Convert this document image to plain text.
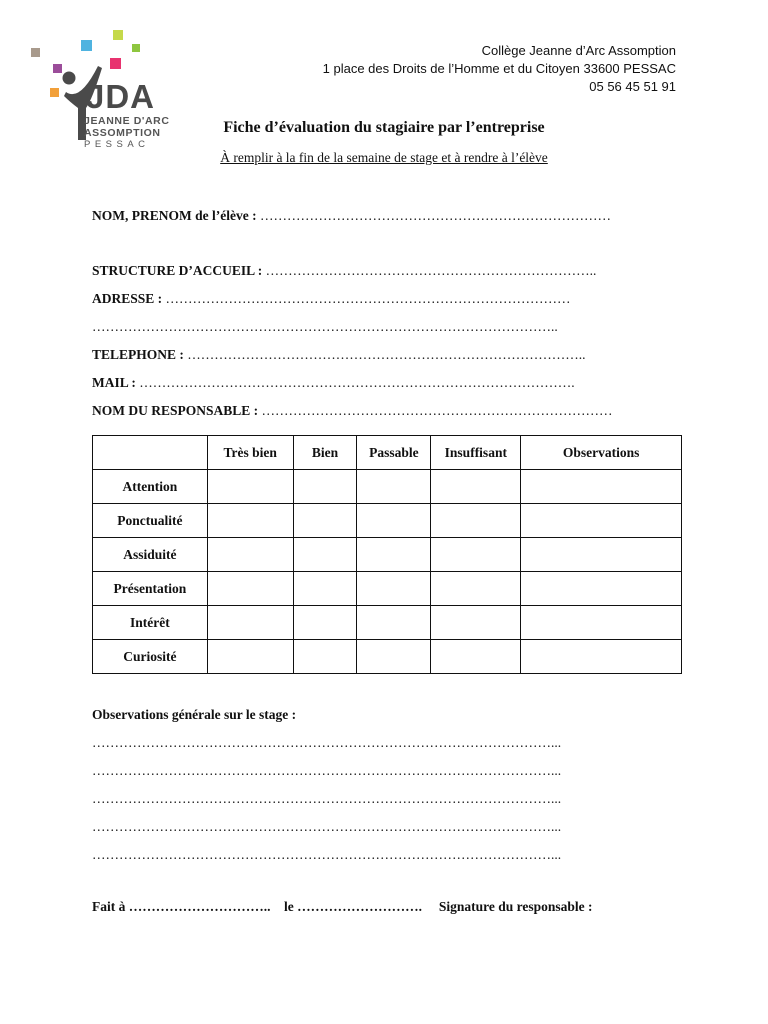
JDA
JEANNE D'ARC
ASSOMPTION
PESSAC
Collège Jeanne d’Arc Assomption
1 place des Droits de l’Homme et du Citoyen 33600 PESSAC
05 56 45 51 91
Fiche d’évaluation du stagiaire par l’entreprise
À remplir à la fin de la semaine de stage et à rendre à l’élève
NOM, PRENOM de l’élève : ……………………………………………………………………
STRUCTURE D’ACCUEIL : ………………………………………………………………..
ADRESSE : ………………………………………………………………………………
…………………………………………………………………………………………..
TELEPHONE : ……………………………………………………………………………..
MAIL : …………………………………………………………………………………….
NOM DU RESPONSABLE : ……………………………………………………………………
	Très bien	Bien	Passable	Insuffisant	Observations
Attention					
Ponctualité					
Assiduité					
Présentation					
Intérêt					
Curiosité					
Observations générale sur le stage :
…………………………………………………………………………………………...
…………………………………………………………………………………………...
…………………………………………………………………………………………...
…………………………………………………………………………………………...
…………………………………………………………………………………………...
Fait à ………………………….. le ………………………. Signature du responsable :
